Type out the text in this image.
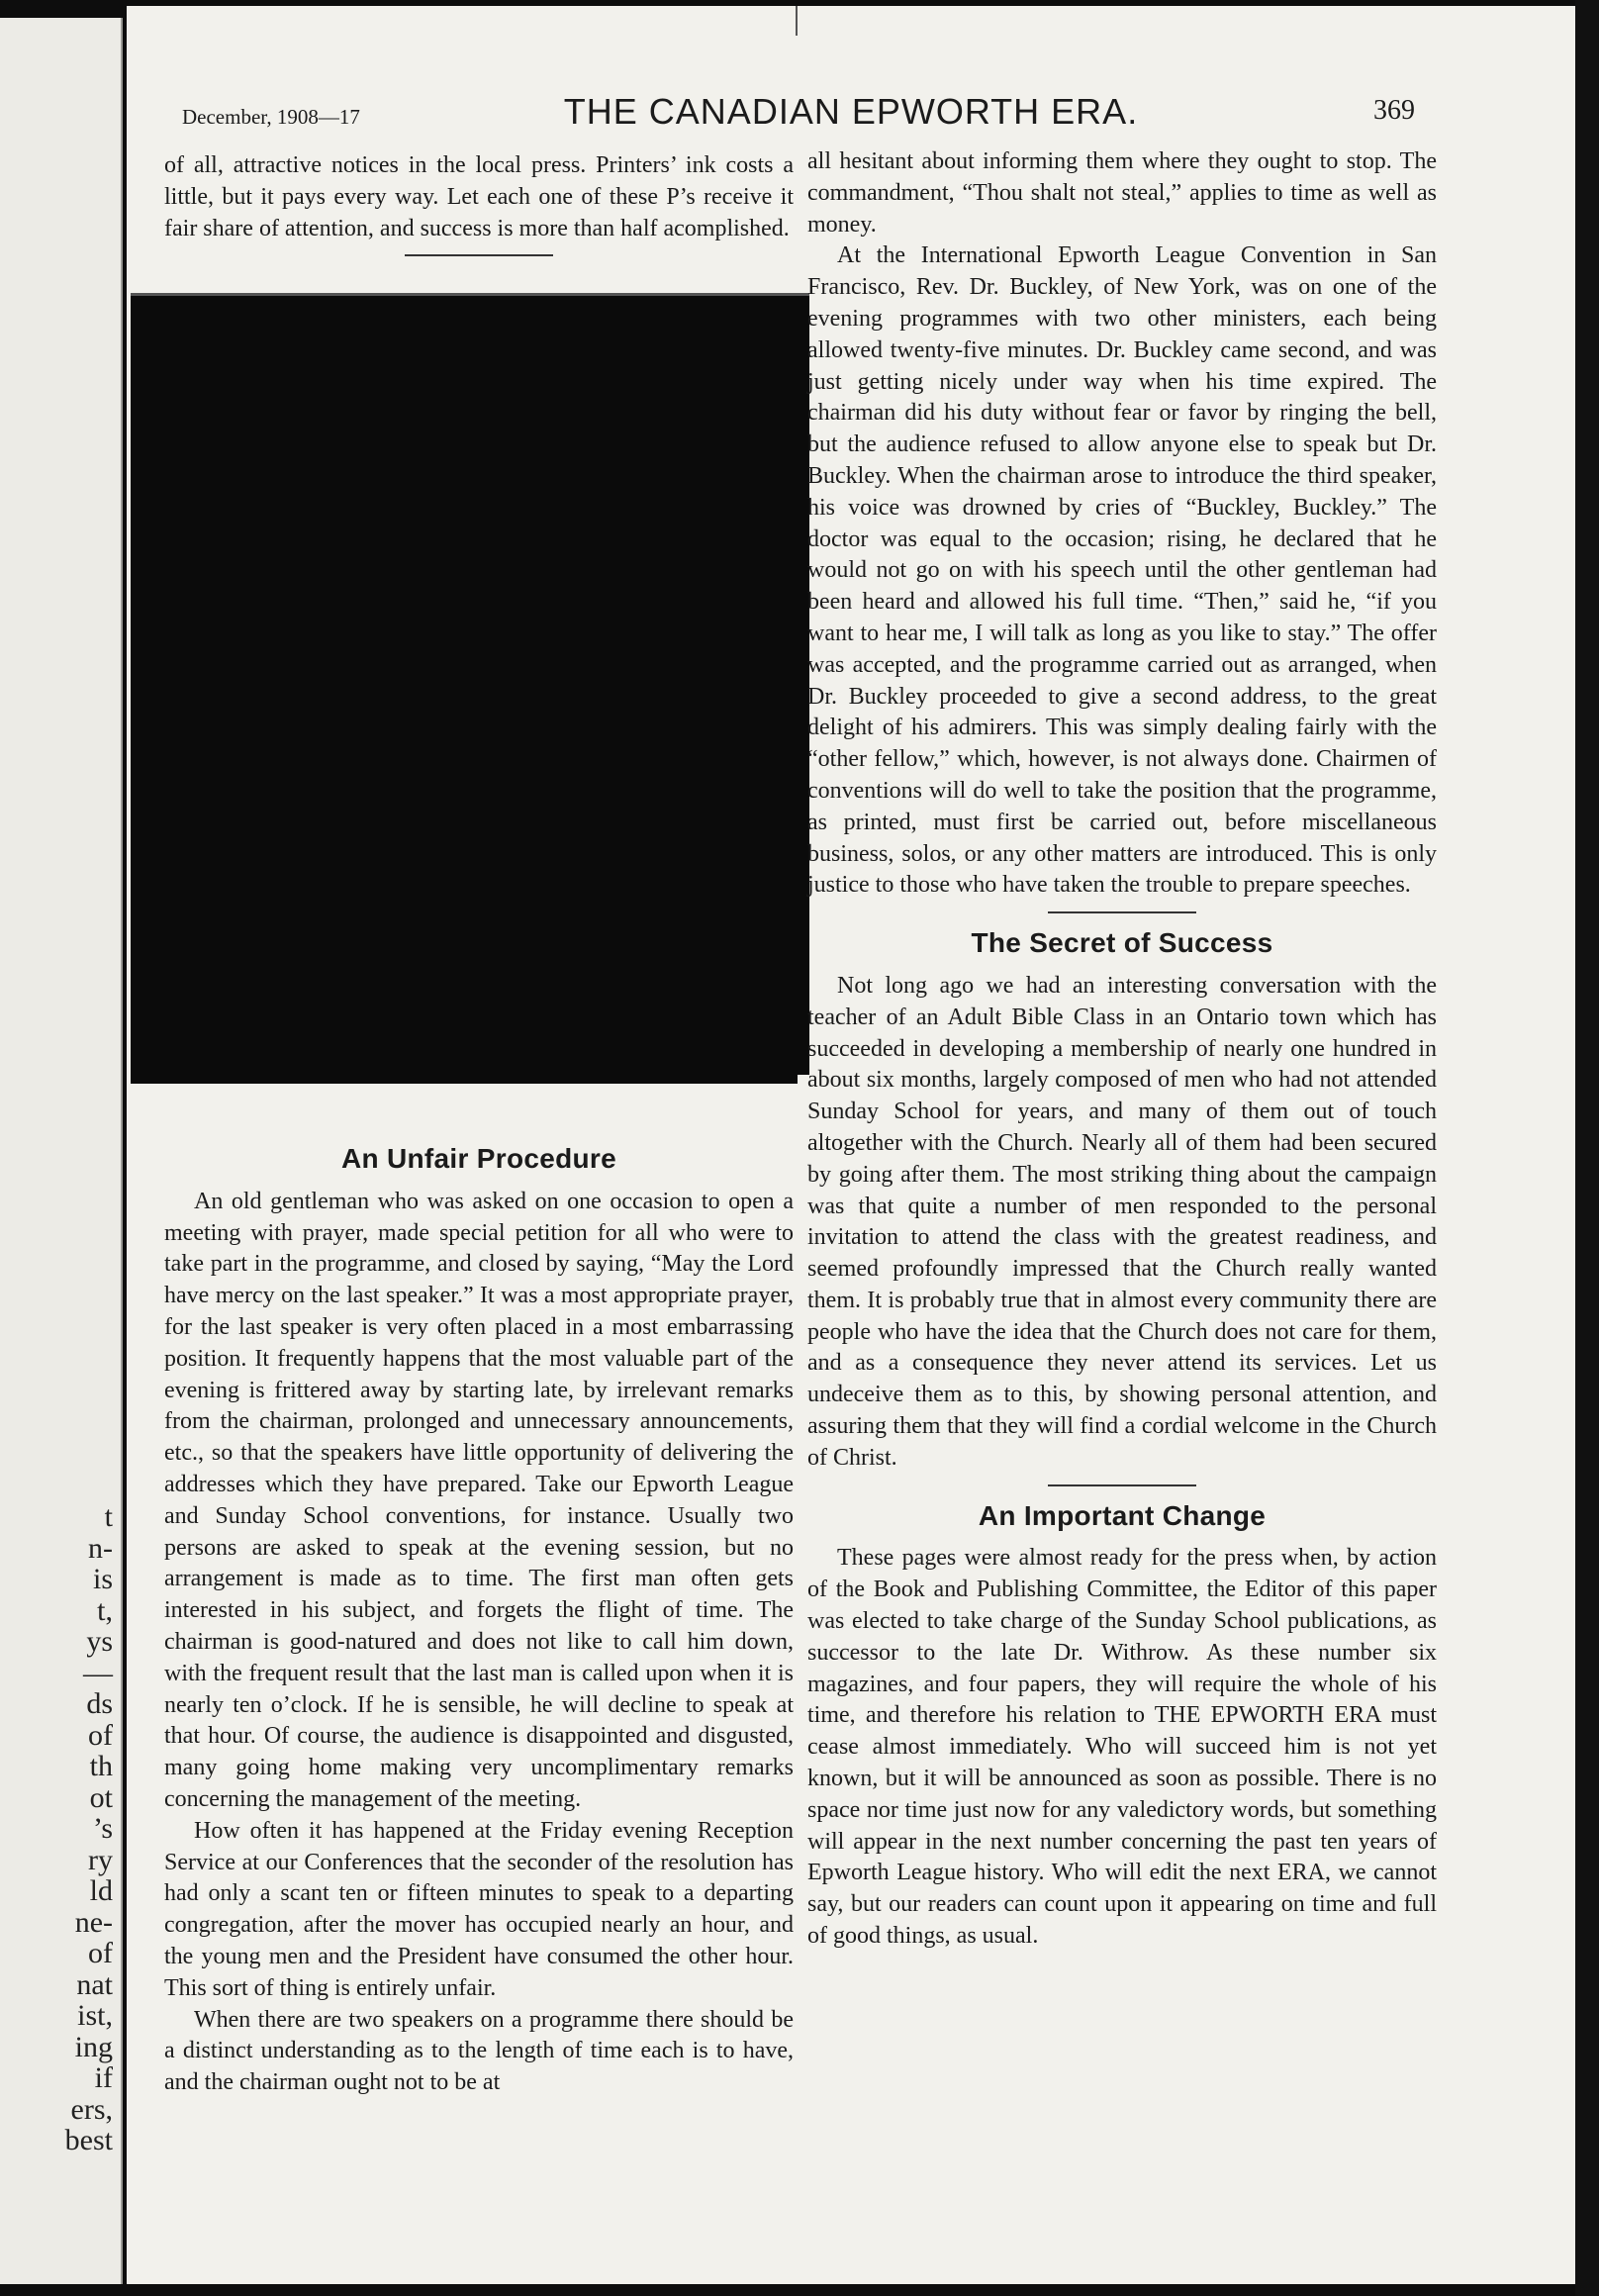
t
n-
is
t,
ys
—
ds
of
th
ot
’s
ry
ld
ne-
of
nat
ist,
ing
if
ers,
best
December, 1908—17	THE CANADIAN EPWORTH ERA.	369

of all, attractive notices in the local press. Printers’ ink costs a little, but it pays every way. Let each one of these P’s receive it fair share of attention, and success is more than half acomplished.

An Unfair Procedure

An old gentleman who was asked on one occasion to open a meeting with prayer, made special petition for all who were to take part in the programme, and closed by saying, “May the Lord have mercy on the last speaker.” It was a most appropriate prayer, for the last speaker is very often placed in a most embarrassing position. It frequently happens that the most valuable part of the evening is frittered away by starting late, by irrelevant remarks from the chairman, prolonged and unnecessary announcements, etc., so that the speakers have little opportunity of delivering the addresses which they have prepared. Take our Epworth League and Sunday School conventions, for instance. Usually two persons are asked to speak at the evening session, but no arrangement is made as to time. The first man often gets interested in his subject, and forgets the flight of time. The chairman is good-natured and does not like to call him down, with the frequent result that the last man is called upon when it is nearly ten o’clock. If he is sensible, he will decline to speak at that hour. Of course, the audience is disappointed and disgusted, many going home making very uncomplimentary remarks concerning the management of the meeting.

How often it has happened at the Friday evening Reception Service at our Conferences that the seconder of the resolution has had only a scant ten or fifteen minutes to speak to a departing congregation, after the mover has occupied nearly an hour, and the young men and the President have consumed the other hour. This sort of thing is entirely unfair.

When there are two speakers on a programme there should be a distinct understanding as to the length of time each is to have, and the chairman ought not to be at

all hesitant about informing them where they ought to stop. The commandment, “Thou shalt not steal,” applies to time as well as money.

At the International Epworth League Convention in San Francisco, Rev. Dr. Buckley, of New York, was on one of the evening programmes with two other ministers, each being allowed twenty-five minutes. Dr. Buckley came second, and was just getting nicely under way when his time expired. The chairman did his duty without fear or favor by ringing the bell, but the audience refused to allow anyone else to speak but Dr. Buckley. When the chairman arose to introduce the third speaker, his voice was drowned by cries of “Buckley, Buckley.” The doctor was equal to the occasion; rising, he declared that he would not go on with his speech until the other gentleman had been heard and allowed his full time. “Then,” said he, “if you want to hear me, I will talk as long as you like to stay.” The offer was accepted, and the programme carried out as arranged, when Dr. Buckley proceeded to give a second address, to the great delight of his admirers. This was simply dealing fairly with the “other fellow,” which, however, is not always done. Chairmen of conventions will do well to take the position that the programme, as printed, must first be carried out, before miscellaneous business, solos, or any other matters are introduced. This is only justice to those who have taken the trouble to prepare speeches.

The Secret of Success

Not long ago we had an interesting conversation with the teacher of an Adult Bible Class in an Ontario town which has succeeded in developing a membership of nearly one hundred in about six months, largely composed of men who had not attended Sunday School for years, and many of them out of touch altogether with the Church. Nearly all of them had been secured by going after them. The most striking thing about the campaign was that quite a number of men responded to the personal invitation to attend the class with the greatest readiness, and seemed profoundly impressed that the Church really wanted them. It is probably true that in almost every community there are people who have the idea that the Church does not care for them, and as a consequence they never attend its services. Let us undeceive them as to this, by showing personal attention, and assuring them that they will find a cordial welcome in the Church of Christ.

An Important Change

These pages were almost ready for the press when, by action of the Book and Publishing Committee, the Editor of this paper was elected to take charge of the Sunday School publications, as successor to the late Dr. Withrow. As these number six magazines, and four papers, they will require the whole of his time, and therefore his relation to THE EPWORTH ERA must cease almost immediately. Who will succeed him is not yet known, but it will be announced as soon as possible. There is no space nor time just now for any valedictory words, but something will appear in the next number concerning the past ten years of Epworth League history. Who will edit the next ERA, we cannot say, but our readers can count upon it appearing on time and full of good things, as usual.
